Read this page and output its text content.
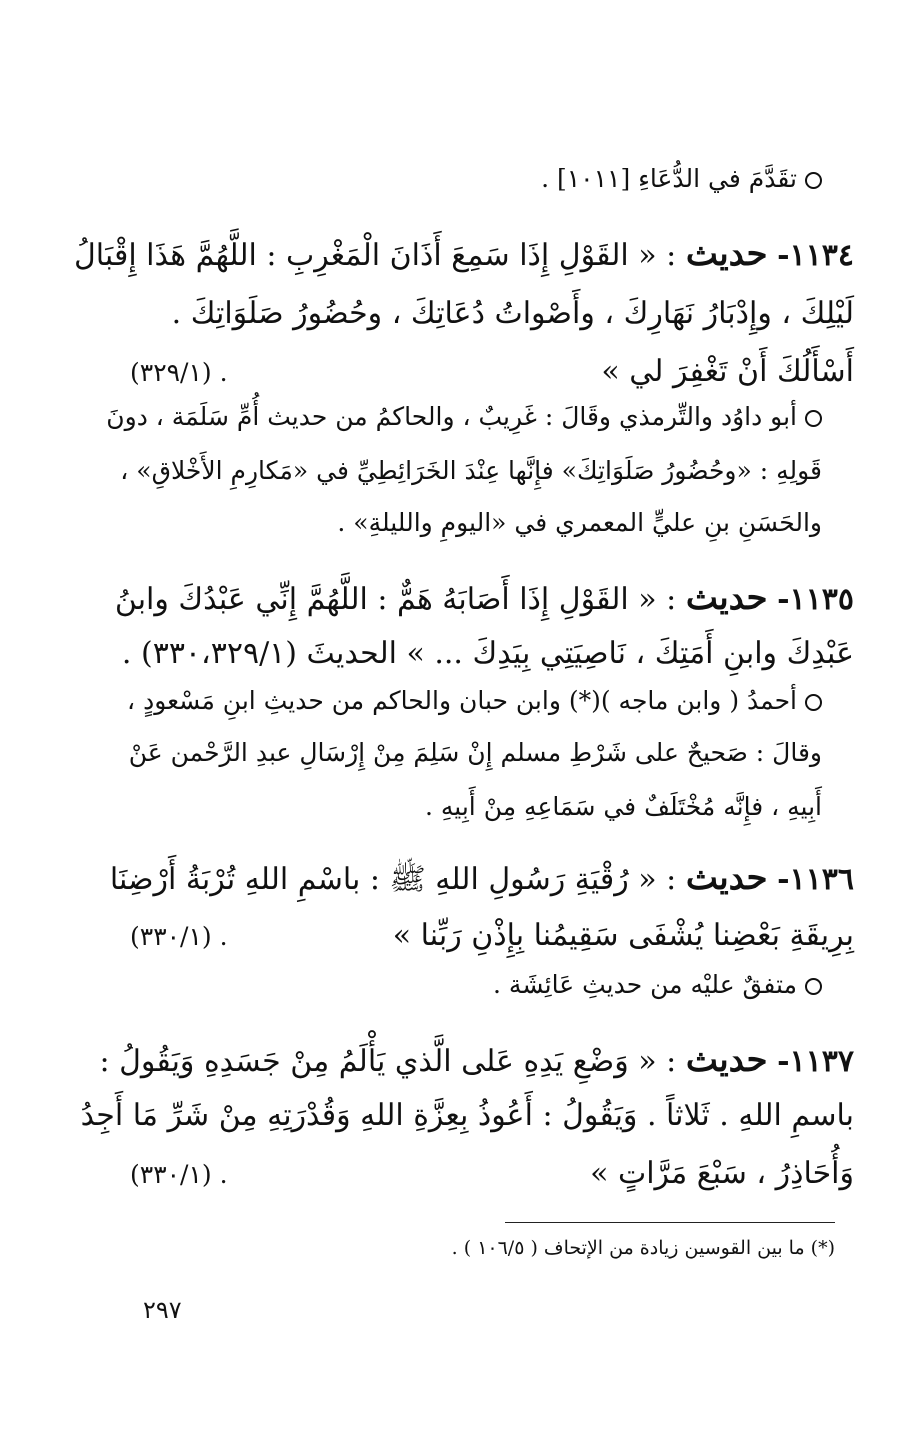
تقَدَّمَ في الدُّعَاءِ [١٠١١] .
١١٣٤- حديث : « القَوْلِ إِذَا سَمِعَ أَذَانَ الْمَغْرِبِ : اللَّهُمَّ هَذَا إِقْبَالُ
لَيْلِكَ ، وإِدْبَارُ نَهَارِكَ ، وأَصْواتُ دُعَاتِكَ ، وحُضُورُ صَلَوَاتِكَ .
أَسْأَلُكَ أَنْ تَغْفِرَ لي »
(٣٢٩/١) .
أبو داوُد والتِّرمذي وقَالَ : غَرِيبٌ ، والحاكمُ من حديث أُمِّ سَلَمَة ، دونَ
قَولِهِ : «وحُضُورُ صَلَوَاتِكَ» فإِنَّها عِنْدَ الخَرَائِطِيِّ في «مَكارِمِ الأَخْلاقِ» ،
والحَسَنِ بنِ عليٍّ المعمري في «اليومِ والليلةِ» .
١١٣٥- حديث : « القَوْلِ إِذَا أَصَابَهُ هَمٌّ : اللَّهُمَّ إِنِّي عَبْدُكَ وابنُ
عَبْدِكَ وابنِ أَمَتِكَ ، نَاصِيَتِي بِيَدِكَ ... » الحديثَ (٣٣٠،٣٢٩/١) .
أحمدُ ( وابن ماجه )(*) وابن حبان والحاكم من حديثِ ابنِ مَسْعودٍ ،
وقالَ : صَحيحٌ على شَرْطِ مسلم إِنْ سَلِمَ مِنْ إِرْسَالِ عبدِ الرَّحْمن عَنْ
أَبِيهِ ، فإِنَّه مُخْتَلَفٌ في سَمَاعِهِ مِنْ أَبِيهِ .
١١٣٦- حديث : « رُقْيَةِ رَسُولِ اللهِ ﷺ : باسْمِ اللهِ تُرْبَةُ أَرْضِنَا
بِرِيقَةِ بَعْضِنا يُشْفَى سَقِيمُنا بِإِذْنِ رَبِّنا »
(٣٣٠/١) .
متفقٌ عليْه من حديثِ عَائِشَة .
١١٣٧- حديث : « وَضْعِ يَدِهِ عَلى الَّذي يَأْلَمُ مِنْ جَسَدِهِ وَيَقُولُ :
باسمِ اللهِ . ثَلاثاً . وَيَقُولُ : أَعُوذُ بِعِزَّةِ اللهِ وَقُدْرَتِهِ مِنْ شَرِّ مَا أَجِدُ
وَأُحَاذِرُ ، سَبْعَ مَرَّاتٍ »
(٣٣٠/١) .
(*) ما بين القوسين زيادة من الإتحاف ( ١٠٦/٥ ) .
٢٩٧
